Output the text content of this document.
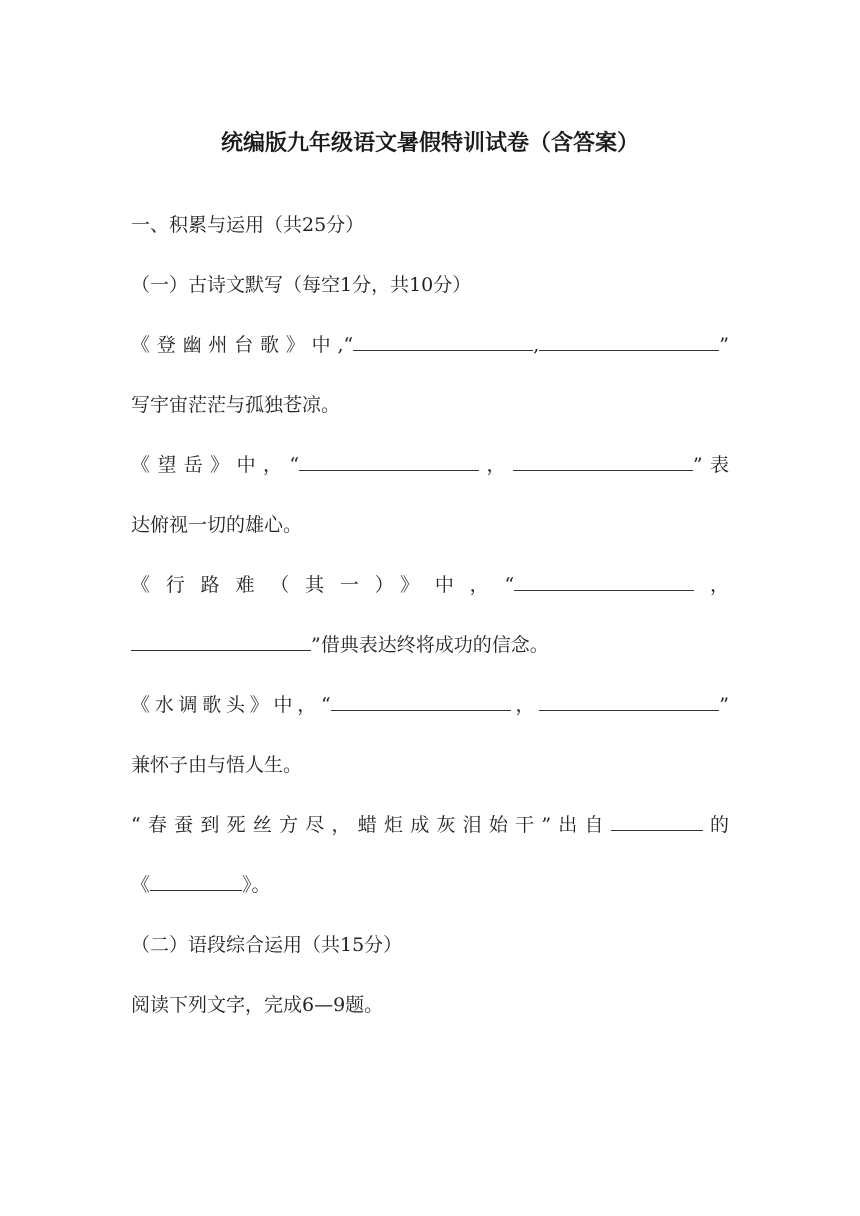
统编版九年级语文暑假特训试卷（含答案）
一、积累与运用（共25分）
（一）古诗文默写（每空1分，共10分）
《登幽州台歌》中,“	,	”
写宇宙茫茫与孤独苍凉。
《望岳》中，“	，	”表
达俯视一切的雄心。
《行路难（其一）》中，“	，
”借典表达终将成功的信念。
《水调歌头》中，“	，	”
兼怀子由与悟人生。
“春蚕到死丝方尽，蜡炬成灰泪始干”出自	的
《	》。
（二）语段综合运用（共15分）
阅读下列文字，完成6—9题。
